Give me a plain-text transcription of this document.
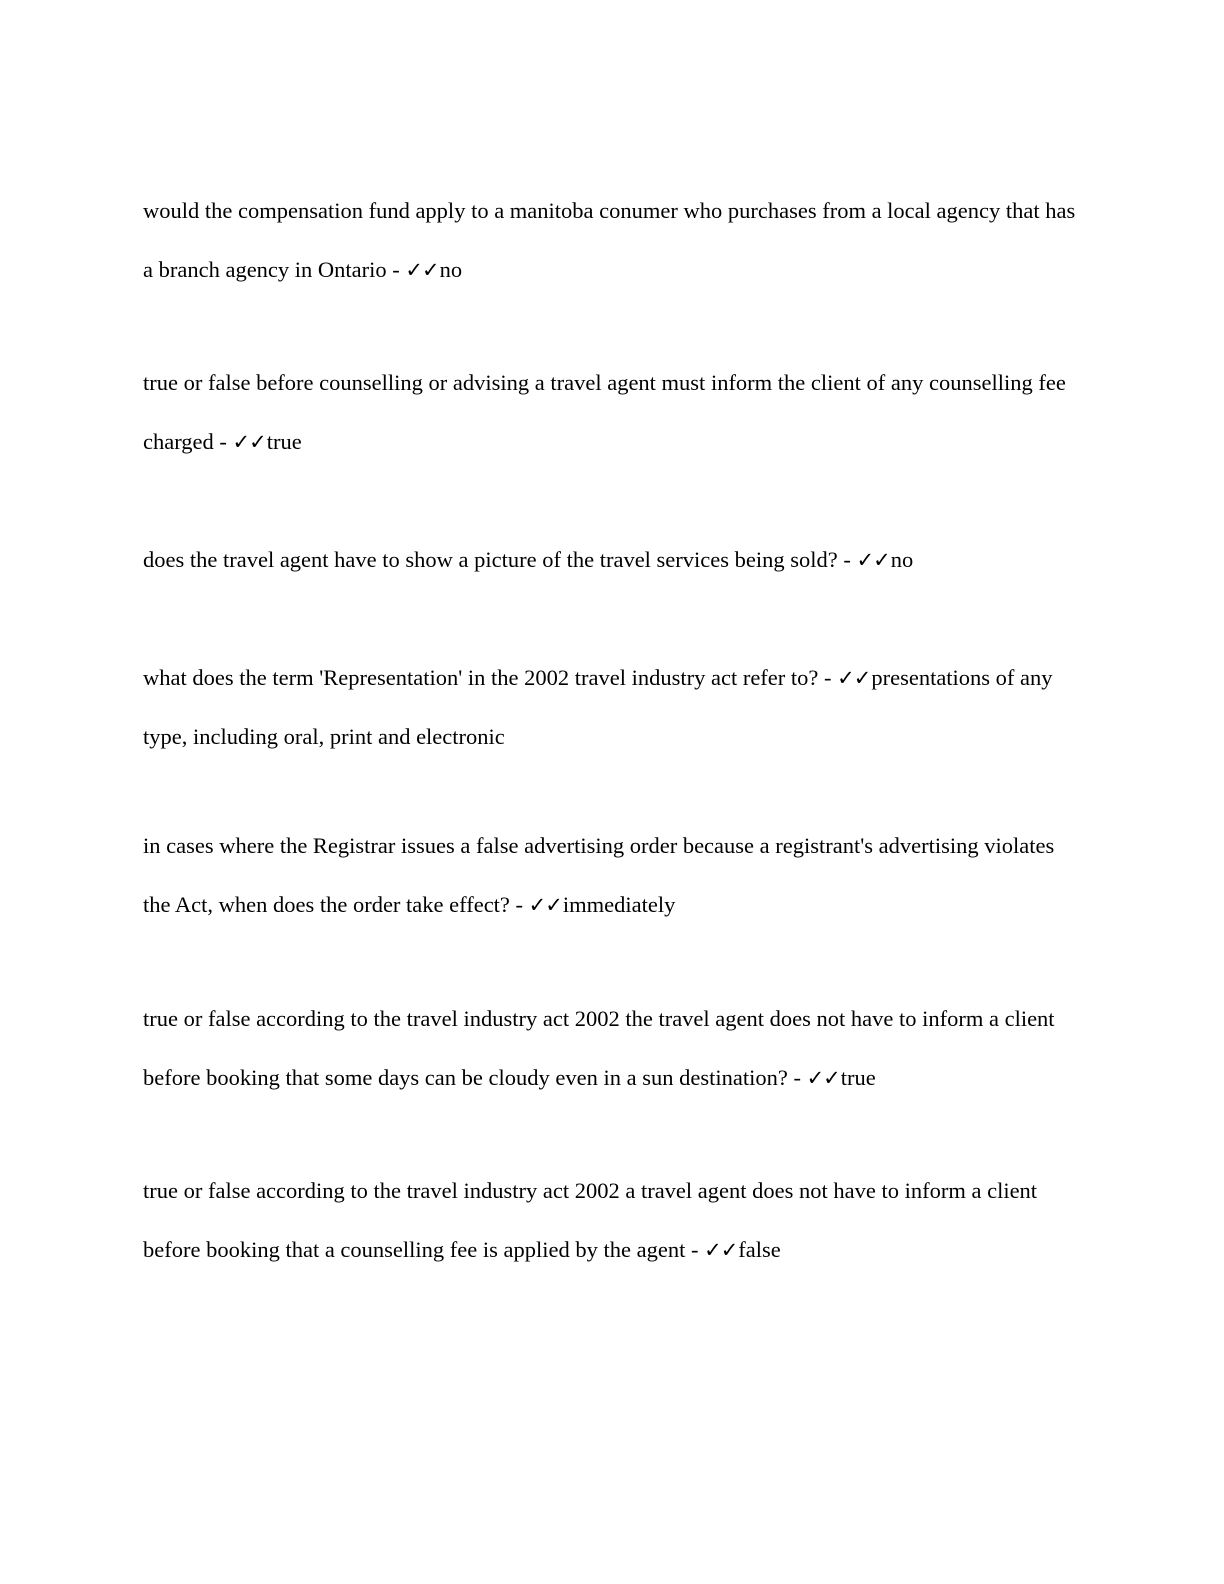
would the compensation fund apply to a manitoba conumer who purchases from a local agency that has a branch agency in Ontario - ✓✓no

true or false before counselling or advising a travel agent must inform the client of any counselling fee charged - ✓✓true

does the travel agent have to show a picture of the travel services being sold? - ✓✓no

what does the term 'Representation' in the 2002 travel industry act refer to? - ✓✓presentations of any type, including oral, print and electronic

in cases where the Registrar issues a false advertising order because a registrant's advertising violates the Act, when does the order take effect? - ✓✓immediately

true or false according to the travel industry act 2002 the travel agent does not have to inform a client before booking that some days can be cloudy even in a sun destination? - ✓✓true

true or false according to the travel industry act 2002 a travel agent does not have to inform a client before booking that a counselling fee is applied by the agent - ✓✓false
